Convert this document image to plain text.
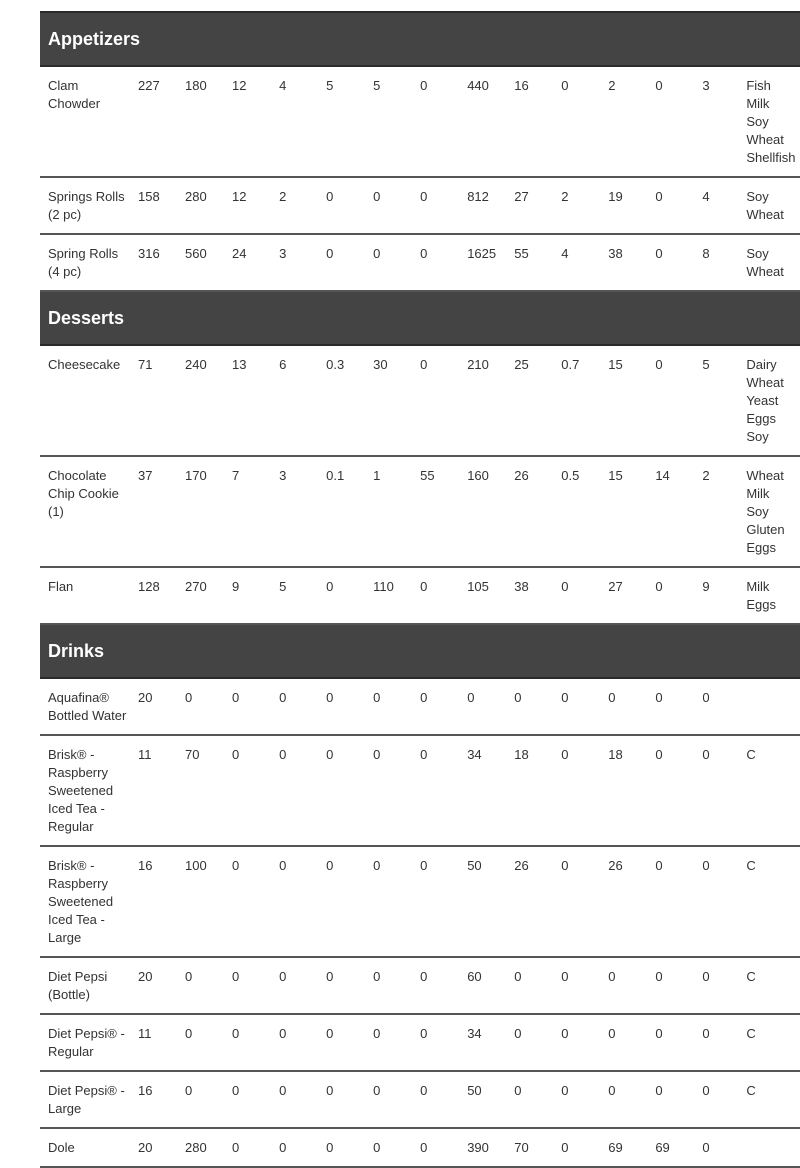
Appetizers														
Clam Chowder	227	180	12	4	5	5	0	440	16	0	2	0	3	Fish
Milk
Soy
Wheat
Shellfish
Springs Rolls (2 pc)	158	280	12	2	0	0	0	812	27	2	19	0	4	Soy
Wheat
Spring Rolls (4 pc)	316	560	24	3	0	0	0	1625	55	4	38	0	8	Soy
Wheat
Desserts														
Cheesecake	71	240	13	6	0.3	30	0	210	25	0.7	15	0	5	Dairy
Wheat
Yeast
Eggs
Soy
Chocolate Chip Cookie (1)	37	170	7	3	0.1	1	55	160	26	0.5	15	14	2	Wheat
Milk
Soy
Gluten
Eggs
Flan	128	270	9	5	0	110	0	105	38	0	27	0	9	Milk
Eggs
Drinks														
Aquafina® Bottled Water	20	0	0	0	0	0	0	0	0	0	0	0	0	
Brisk® - Raspberry Sweetened Iced Tea - Regular	11	70	0	0	0	0	0	34	18	0	18	0	0	C
Brisk® - Raspberry Sweetened Iced Tea - Large	16	100	0	0	0	0	0	50	26	0	26	0	0	C
Diet Pepsi (Bottle)	20	0	0	0	0	0	0	60	0	0	0	0	0	C
Diet Pepsi® - Regular	11	0	0	0	0	0	0	34	0	0	0	0	0	C
Diet Pepsi® - Large	16	0	0	0	0	0	0	50	0	0	0	0	0	C
Dole	20	280	0	0	0	0	0	390	70	0	69	69	0	
